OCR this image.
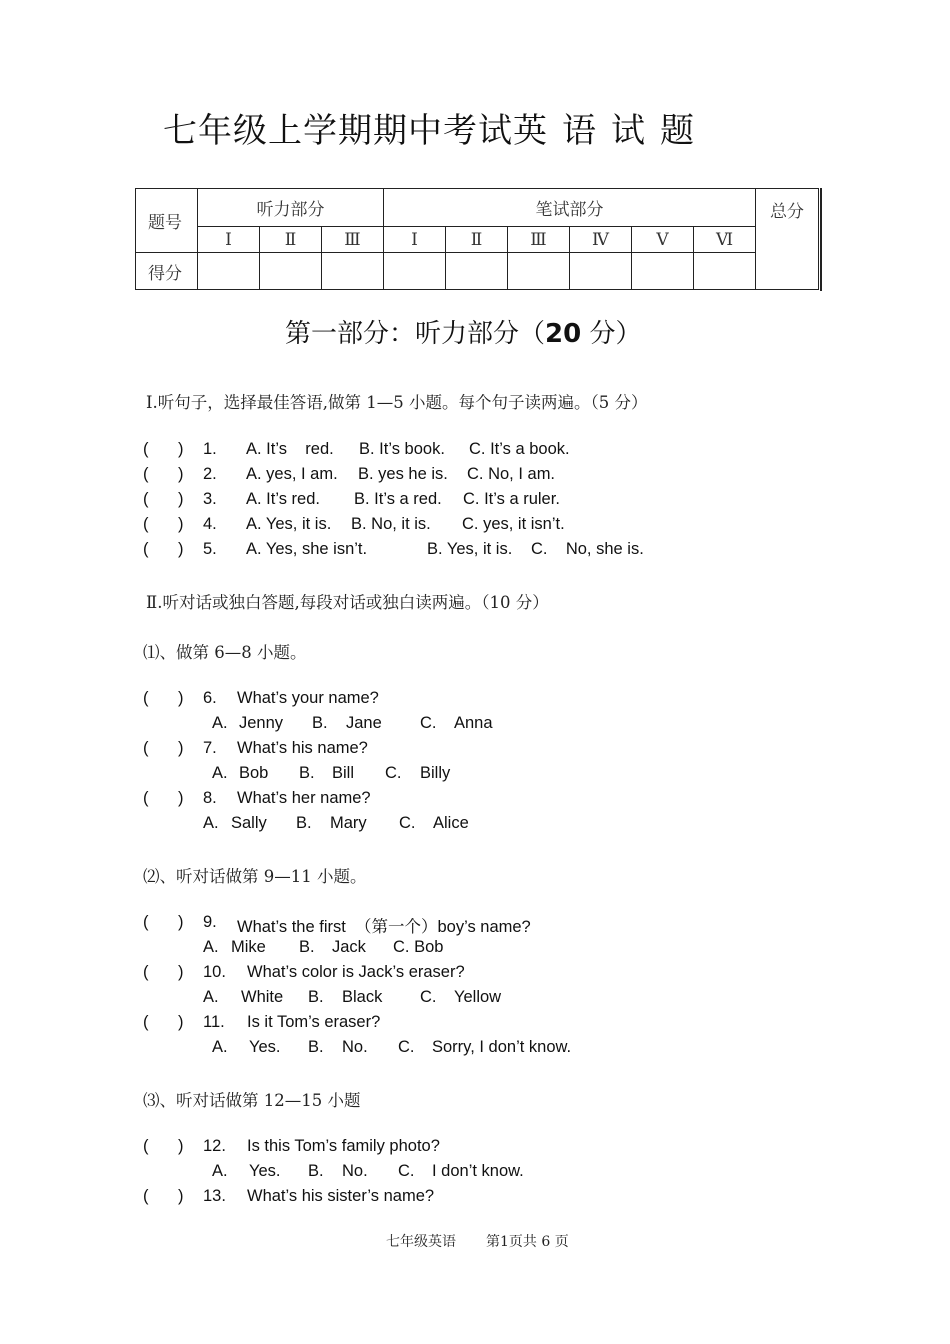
七年级上学期期中考试英 语 试 题
题号	听力部分			笔试部分						总分
	Ⅰ	Ⅱ	Ⅲ	Ⅰ	Ⅱ	Ⅲ	Ⅳ	Ⅴ	Ⅵ	
得分										
第一部分：听力部分（20 分）
Ⅰ.听句子，选择最佳答语,做第 1—5 小题。每个句子读两遍。（5 分）
( ) 1. A. It’s    red. B. It’s book. C. It’s a book.
( ) 2. A. yes, I am. B. yes he is. C. No, I am.
( ) 3. A. It’s red. B. It’s a red. C. It’s a ruler.
( ) 4. A. Yes, it is. B. No, it is. C. yes, it isn’t.
( ) 5. A. Yes, she isn’t.	B. Yes, it is. C.    No, she is.
Ⅱ.听对话或独白答题,每段对话或独白读两遍。（10 分）
⑴、做第 6—8 小题。
( ) 6. What’s your name?
A. Jenny B. Jane C. Anna
( ) 7. What’s his name?
A. Bob B. Bill C. Billy
( ) 8. What’s her name?
A. Sally B. Mary C. Alice
⑵、听对话做第 9—11 小题。
( ) 9. What’s the first  （第一个）boy’s name?
A. Mike B. Jack C. Bob
( ) 10. What’s color is Jack’s eraser?
A. White B. Black C. Yellow
( ) 11. Is it Tom’s eraser?
A. Yes. B. No. C. Sorry, I don’t know.
⑶、听对话做第 12—15 小题
( ) 12. Is this Tom’s family photo?
A. Yes. B. No. C. I don’t know.
( ) 13. What’s his sister’s name?
七年级英语 第1页共 6 页
